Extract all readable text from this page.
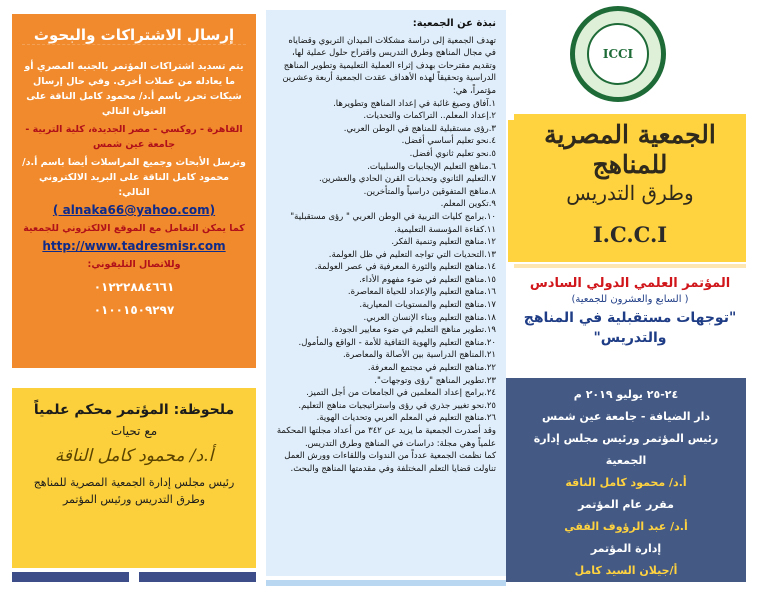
إرسال الاشتراكات والبحوث

يتم تسديد اشتراكات المؤتمر بالجنيه المصري أو ما يعادله من عملات أخرى. وفي حال إرسال شيكات تحرر باسم أ.د/ محمود كامل الناقة على العنوان التالي

القاهرة - روكسي - مصر الجديدة، كلية التربية - جامعة عين شمس

وترسل الأبحاث وجميع المراسلات أيضا باسم أ.د/ محمود كامل الناقة على البريد الالكتروني التالي:

(alnaka66@yahoo.com )

كما يمكن التعامل مع الموقع الالكتروني للجمعية

http://www.tadresmisr.com

وللاتصال التليفوني:

٠١٢٢٢٨٨٤٦٦١

٠١٠٠١٥٠٩٢٩٧

ملحوظة: المؤتمر محكم علمياً
مع تحيات
أ.د/ محمود كامل الناقة
رئيس مجلس إدارة الجمعية المصرية للمناهج وطرق التدريس ورئيس المؤتمر
نبذة عن الجمعية:
تهدف الجمعية إلى دراسة مشكلات الميدان التربوي وقضاياه في مجال المناهج وطرق التدريس واقتراح حلول عملية لها، وتقديم مقترحات بهدف إثراء العملية التعليمية وتطوير المناهج الدراسية وتحقيقاً لهذه الأهداف عقدت الجمعية أربعة وعشرين مؤتمراً، هي:
١.آفاق وصيغ غائبة في إعداد المناهج وتطويرها.
٢.إعداد المعلم.. التراكمات والتحديات.
٣.رؤى مستقبلية للمناهج في الوطن العربي.
٤.نحو تعليم أساسي أفضل.
٥.نحو تعليم ثانوي أفضل.
٦.مناهج التعليم الإيجابيات والسلبيات.
٧.التعليم الثانوي وتحديات القرن الحادي والعشرين.
٨.مناهج المتفوقين دراسياً والمتأخرين.
٩.تكوين المعلم.
١٠.برامج كليات التربية في الوطن العربي " رؤى مستقبلية"
١١.كفاءة المؤسسة التعليمية.
١٢.مناهج التعليم وتنمية الفكر.
١٣.التحديات التي تواجه التعليم في ظل العولمة.
١٤.مناهج التعليم والثورة المعرفية في عصر العولمة.
١٥.مناهج التعليم في ضوء مفهوم الأداء.
١٦.مناهج التعليم والإعداد للحياة المعاصرة.
١٧.مناهج التعليم والمستويات المعيارية.
١٨.مناهج التعليم وبناء الإنسان العربي.
١٩.تطوير مناهج التعليم في ضوء معايير الجودة.
٢٠.مناهج التعليم والهوية الثقافية للأمة - الواقع والمأمول.
٢١.المناهج الدراسية بين الأصالة والمعاصرة.
٢٢.مناهج التعليم في مجتمع المعرفة.
٢٣.تطوير المناهج "رؤى وتوجهات".
٢٤.برامج إعداد المعلمين في الجامعات من أجل التميز.
٢٥.نحو تغيير جذري في رؤى واستراتيجيات مناهج التعليم.
٢٦.مناهج التعليم في المعلم العربي وتحديات الهوية.
وقد أصدرت الجمعية ما يزيد عن ٣٤٢ من أعداد مجلتها المحكمة علمياً وهي مجلة: دراسات في المناهج وطرق التدريس.
كما نظمت الجمعية عدداً من الندوات واللقاءات وورش العمل تناولت قضايا التعلم المختلفة وفي مقدمتها المناهج والبحث.
ICCI
الجمعية المصرية للمناهج
وطرق التدريس
I.C.C.I
المؤتمر العلمي الدولي السادس
( السابع والعشرون للجمعية)
"توجهات مستقبلية في المناهج والتدريس"
٢٤-٢٥ يوليو ٢٠١٩ م
دار الضيافة - جامعة عين شمس
رئيس المؤتمر ورئيس مجلس إدارة الجمعية
أ.د/ محمود كامل الناقة
مقرر عام المؤتمر
أ.د/ عبد الرؤوف الفقي
إدارة المؤتمر
أ/جيلان السيد كامل
